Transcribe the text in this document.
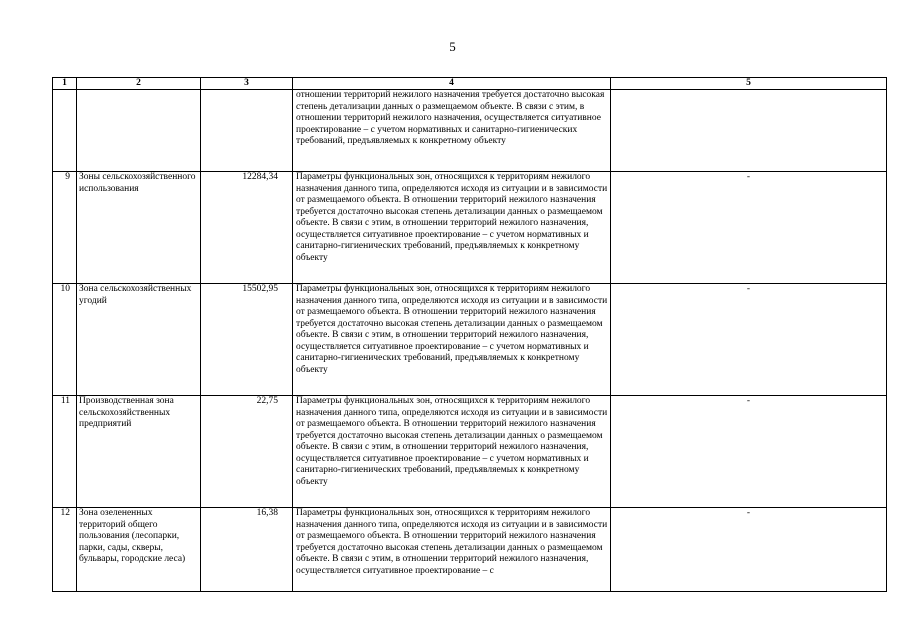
5
1	2	3	4	5
			отношении территорий нежилого назначения требуется достаточно высокая степень детализации данных о размещаемом объекте. В связи с этим, в отношении территорий нежилого назначения, осуществляется ситуативное проектирование – с учетом нормативных и санитарно-гигиенических требований, предъявляемых к конкретному объекту	
9	Зоны сельскохозяйственного использования	12284,34	Параметры функциональных зон, относящихся к территориям нежилого назначения данного типа, определяются исходя из ситуации и в зависимости от размещаемого объекта. В отношении территорий нежилого назначения требуется достаточно высокая степень детализации данных о размещаемом объекте. В связи с этим, в отношении территорий нежилого назначения, осуществляется ситуативное проектирование – с учетом нормативных и санитарно-гигиенических требований, предъявляемых к конкретному объекту	-
10	Зона сельскохозяйственных угодий	15502,95	Параметры функциональных зон, относящихся к территориям нежилого назначения данного типа, определяются исходя из ситуации и в зависимости от размещаемого объекта. В отношении территорий нежилого назначения требуется достаточно высокая степень детализации данных о размещаемом объекте. В связи с этим, в отношении территорий нежилого назначения, осуществляется ситуативное проектирование – с учетом нормативных и санитарно-гигиенических требований, предъявляемых к конкретному объекту	-
11	Производственная зона сельскохозяйственных предприятий	22,75	Параметры функциональных зон, относящихся к территориям нежилого назначения данного типа, определяются исходя из ситуации и в зависимости от размещаемого объекта. В отношении территорий нежилого назначения требуется достаточно высокая степень детализации данных о размещаемом объекте. В связи с этим, в отношении территорий нежилого назначения, осуществляется ситуативное проектирование – с учетом нормативных и санитарно-гигиенических требований, предъявляемых к конкретному объекту	-
12	Зона озелененных территорий общего пользования (лесопарки, парки, сады, скверы, бульвары, городские леса)	16,38	Параметры функциональных зон, относящихся к территориям нежилого назначения данного типа, определяются исходя из ситуации и в зависимости от размещаемого объекта. В отношении территорий нежилого назначения требуется достаточно высокая степень детализации данных о размещаемом объекте. В связи с этим, в отношении территорий нежилого назначения, осуществляется ситуативное проектирование – с	-
